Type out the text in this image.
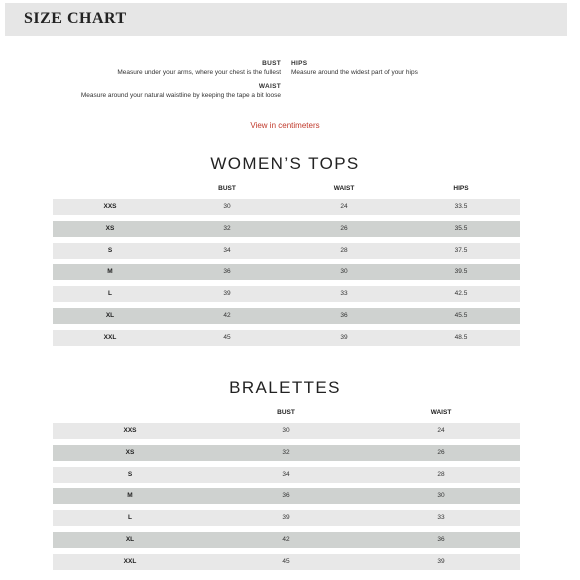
SIZE CHART
BUST
Measure under your arms, where your chest is the fullest
HIPS
Measure around the widest part of your hips
WAIST
Measure around your natural waistline by keeping the tape a bit loose
View in centimeters
WOMEN’S TOPS
BUST	WAIST	HIPS
XXS	30	24	33.5
XS	32	26	35.5
S	34	28	37.5
M	36	30	39.5
L	39	33	42.5
XL	42	36	45.5
XXL	45	39	48.5
BRALETTES
BUST	WAIST
XXS	30	24
XS	32	26
S	34	28
M	36	30
L	39	33
XL	42	36
XXL	45	39
